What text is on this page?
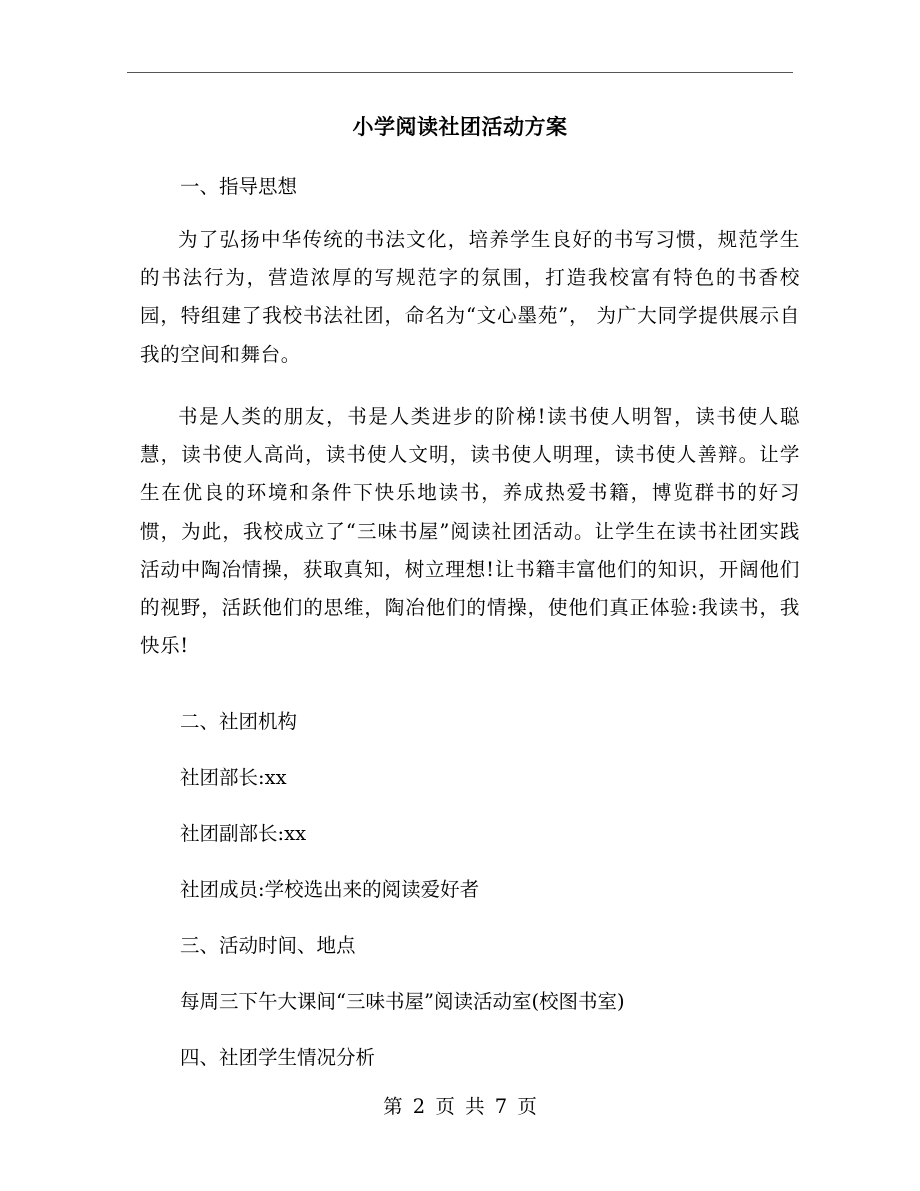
小学阅读社团活动方案
一、指导思想

为了弘扬中华传统的书法文化，培养学生良好的书写习惯，规范学生的书法行为，营造浓厚的写规范字的氛围，打造我校富有特色的书香校园，特组建了我校书法社团，命名为“文心墨苑”， 为广大同学提供展示自我的空间和舞台。

书是人类的朋友，书是人类进步的阶梯!读书使人明智，读书使人聪慧，读书使人高尚，读书使人文明，读书使人明理，读书使人善辩。让学生在优良的环境和条件下快乐地读书，养成热爱书籍，博览群书的好习惯，为此，我校成立了“三味书屋”阅读社团活动。让学生在读书社团实践活动中陶冶情操，获取真知，树立理想!让书籍丰富他们的知识，开阔他们的视野，活跃他们的思维，陶冶他们的情操，使他们真正体验:我读书，我快乐!

二、社团机构
社团部长:xx
社团副部长:xx
社团成员:学校选出来的阅读爱好者
三、活动时间、地点
每周三下午大课间“三味书屋”阅读活动室(校图书室)
四、社团学生情况分析
第 2 页 共 7 页
